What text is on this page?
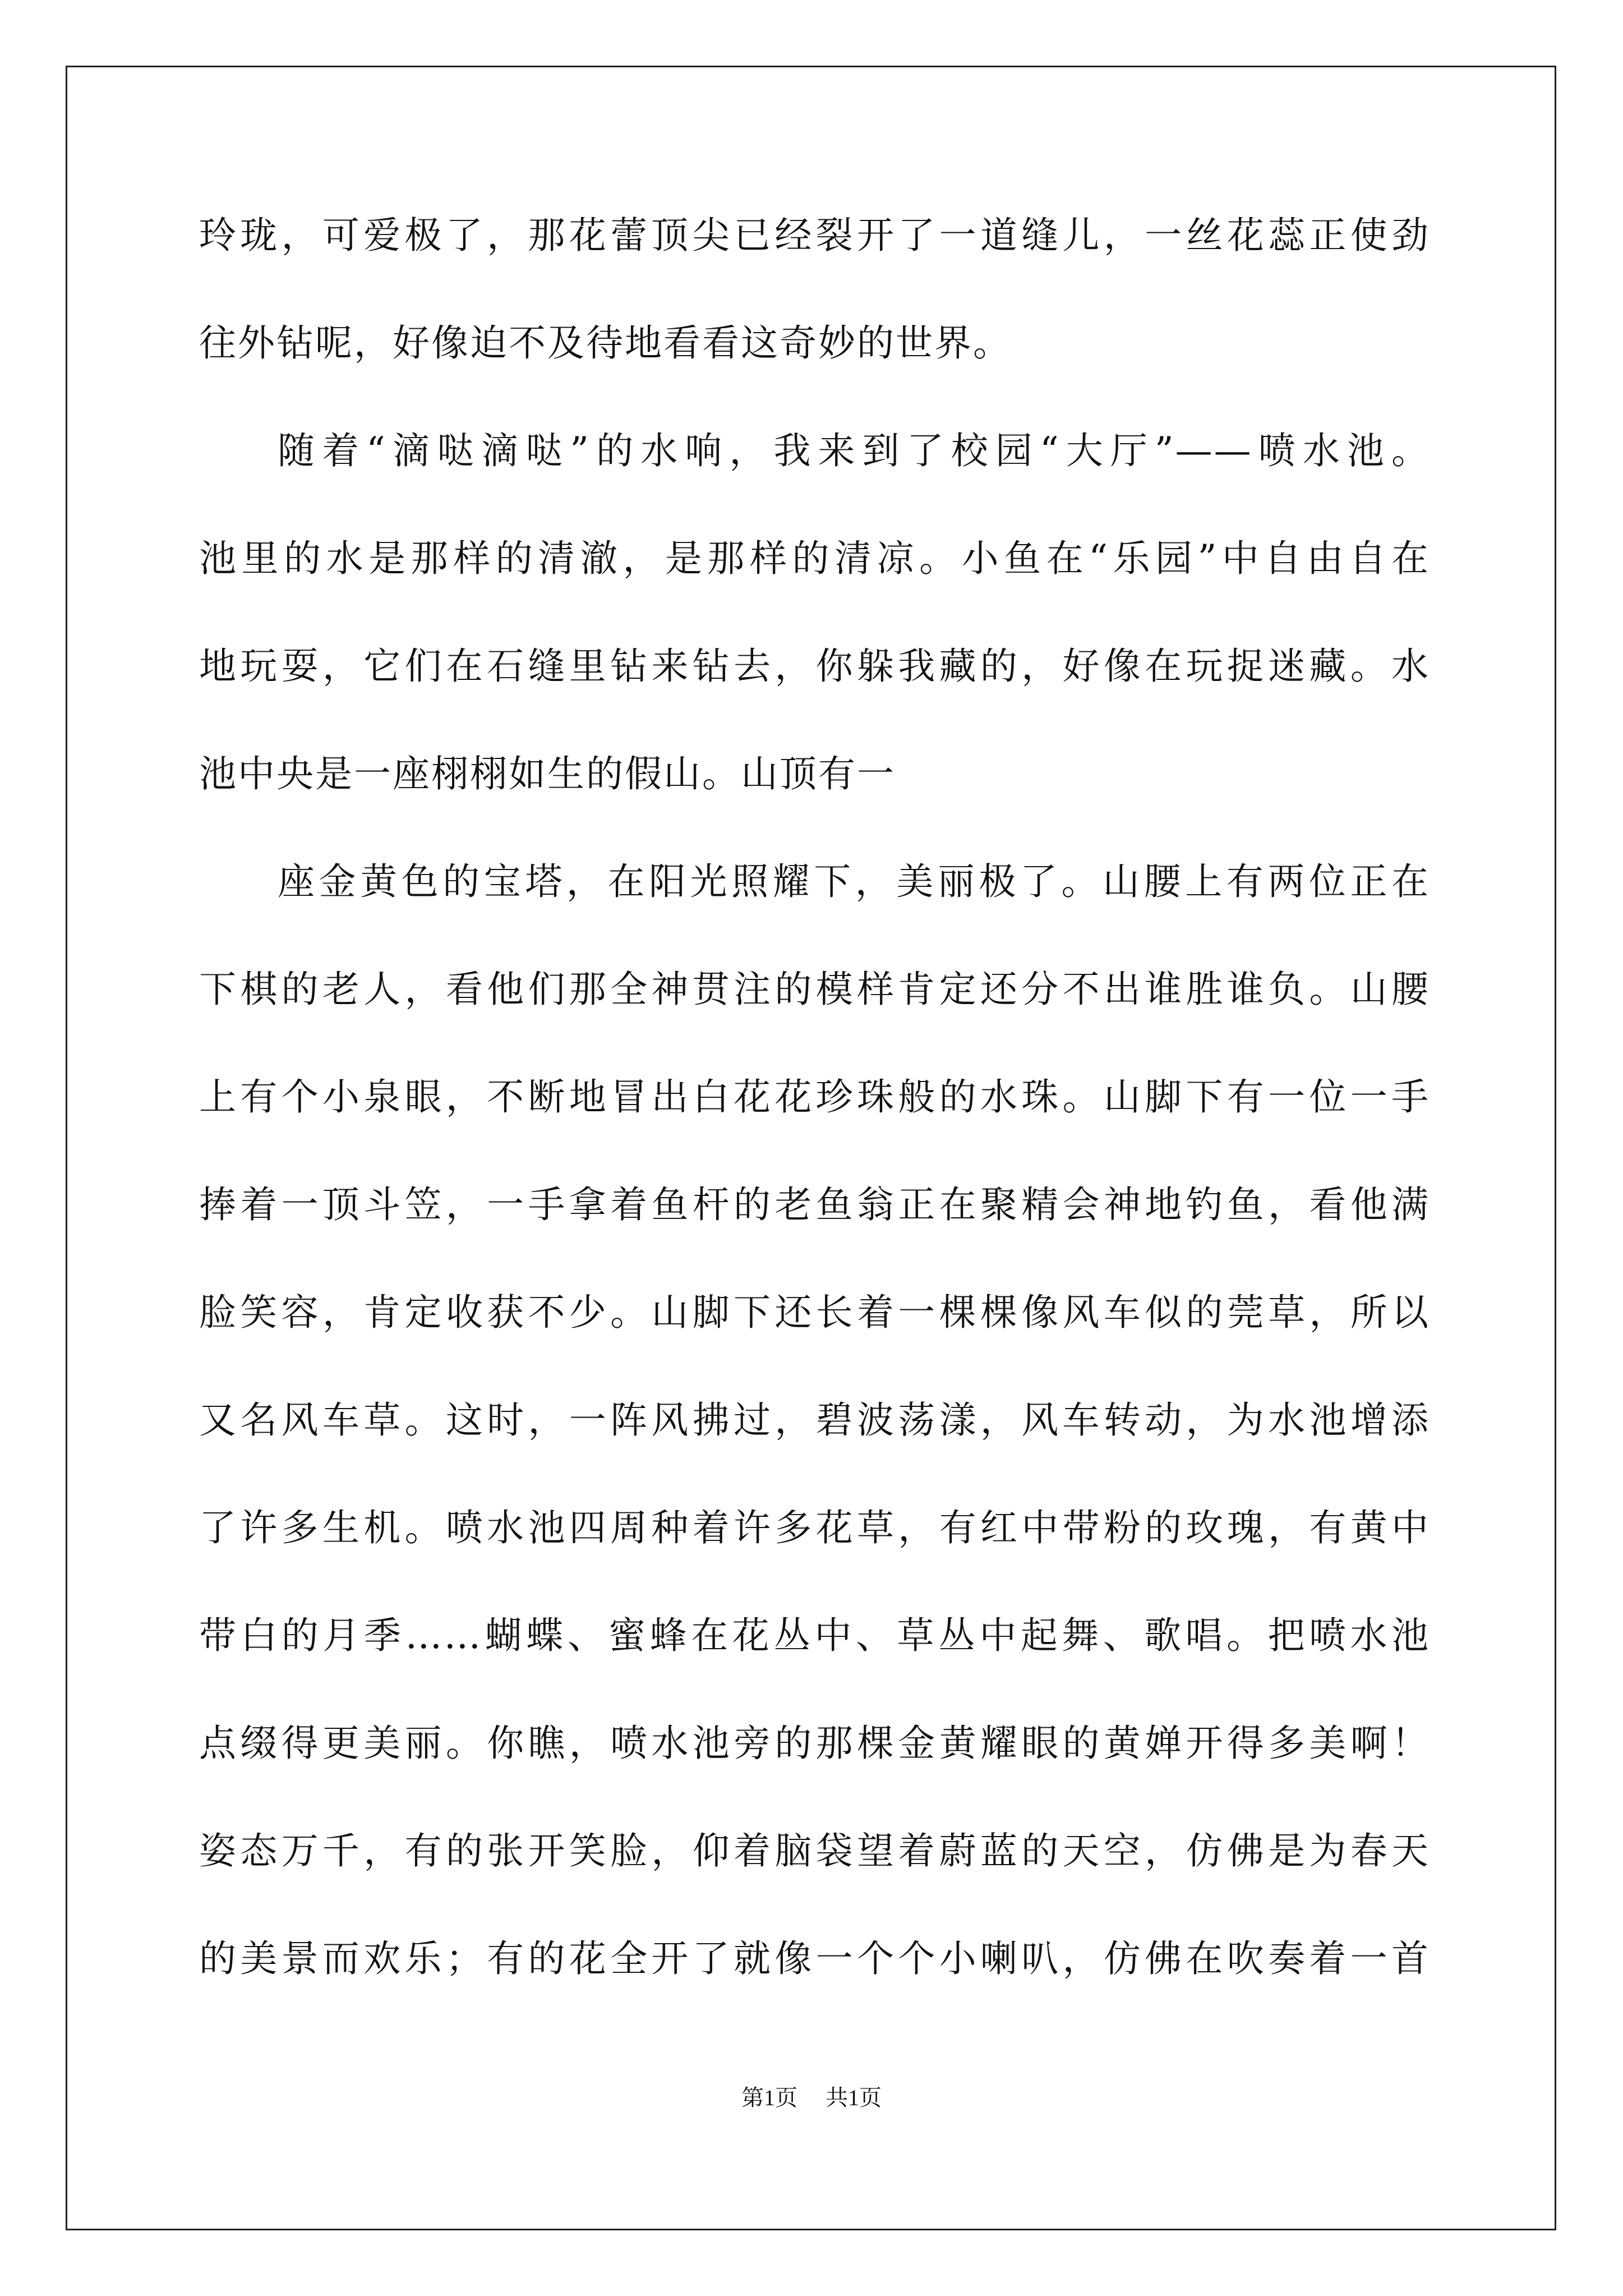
玲珑，可爱极了，那花蕾顶尖已经裂开了一道缝儿，一丝花蕊正使劲
往外钻呢，好像迫不及待地看看这奇妙的世界。
随着“滴哒滴哒”的水响，我来到了校园“大厅”——喷水池。
池里的水是那样的清澈，是那样的清凉。小鱼在“乐园”中自由自在
地玩耍，它们在石缝里钻来钻去，你躲我藏的，好像在玩捉迷藏。水
池中央是一座栩栩如生的假山。山顶有一
座金黄色的宝塔，在阳光照耀下，美丽极了。山腰上有两位正在
下棋的老人，看他们那全神贯注的模样肯定还分不出谁胜谁负。山腰
上有个小泉眼，不断地冒出白花花珍珠般的水珠。山脚下有一位一手
捧着一顶斗笠，一手拿着鱼杆的老鱼翁正在聚精会神地钓鱼，看他满
脸笑容，肯定收获不少。山脚下还长着一棵棵像风车似的莞草，所以
又名风车草。这时，一阵风拂过，碧波荡漾，风车转动，为水池增添
了许多生机。喷水池四周种着许多花草，有红中带粉的玫瑰，有黄中
带白的月季……蝴蝶、蜜蜂在花丛中、草丛中起舞、歌唱。把喷水池
点缀得更美丽。你瞧，喷水池旁的那棵金黄耀眼的黄婵开得多美啊！
姿态万千，有的张开笑脸，仰着脑袋望着蔚蓝的天空，仿佛是为春天
的美景而欢乐；有的花全开了就像一个个小喇叭，仿佛在吹奏着一首
第1页 共1页
